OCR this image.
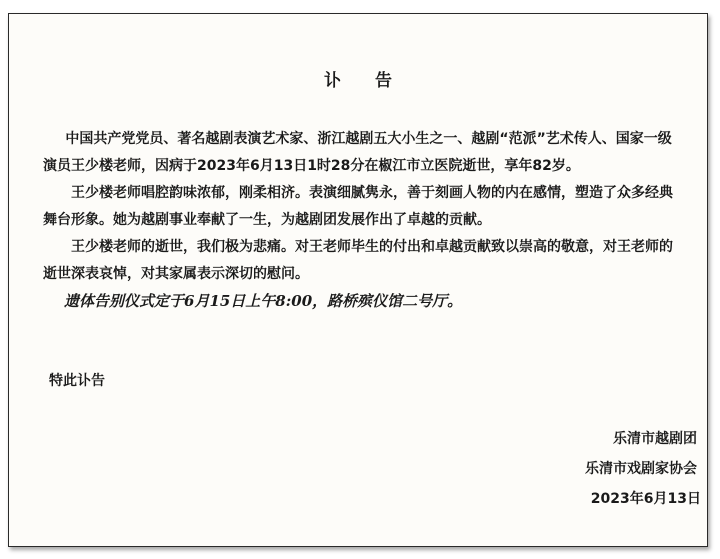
讣 告

中国共产党党员、著名越剧表演艺术家、浙江越剧五大小生之一、越剧“范派”艺术传人、国家一级演员王少楼老师，因病于2023年6月13日1时28分在椒江市立医院逝世，享年82岁。

王少楼老师唱腔韵味浓郁，刚柔相济。表演细腻隽永，善于刻画人物的内在感情，塑造了众多经典舞台形象。她为越剧事业奉献了一生，为越剧团发展作出了卓越的贡献。

王少楼老师的逝世，我们极为悲痛。对王老师毕生的付出和卓越贡献致以崇高的敬意，对王老师的逝世深表哀悼，对其家属表示深切的慰问。

遗体告别仪式定于6月15日上午8:00，路桥殡仪馆二号厅。

特此讣告
乐清市越剧团
乐清市戏剧家协会
2023年6月13日
